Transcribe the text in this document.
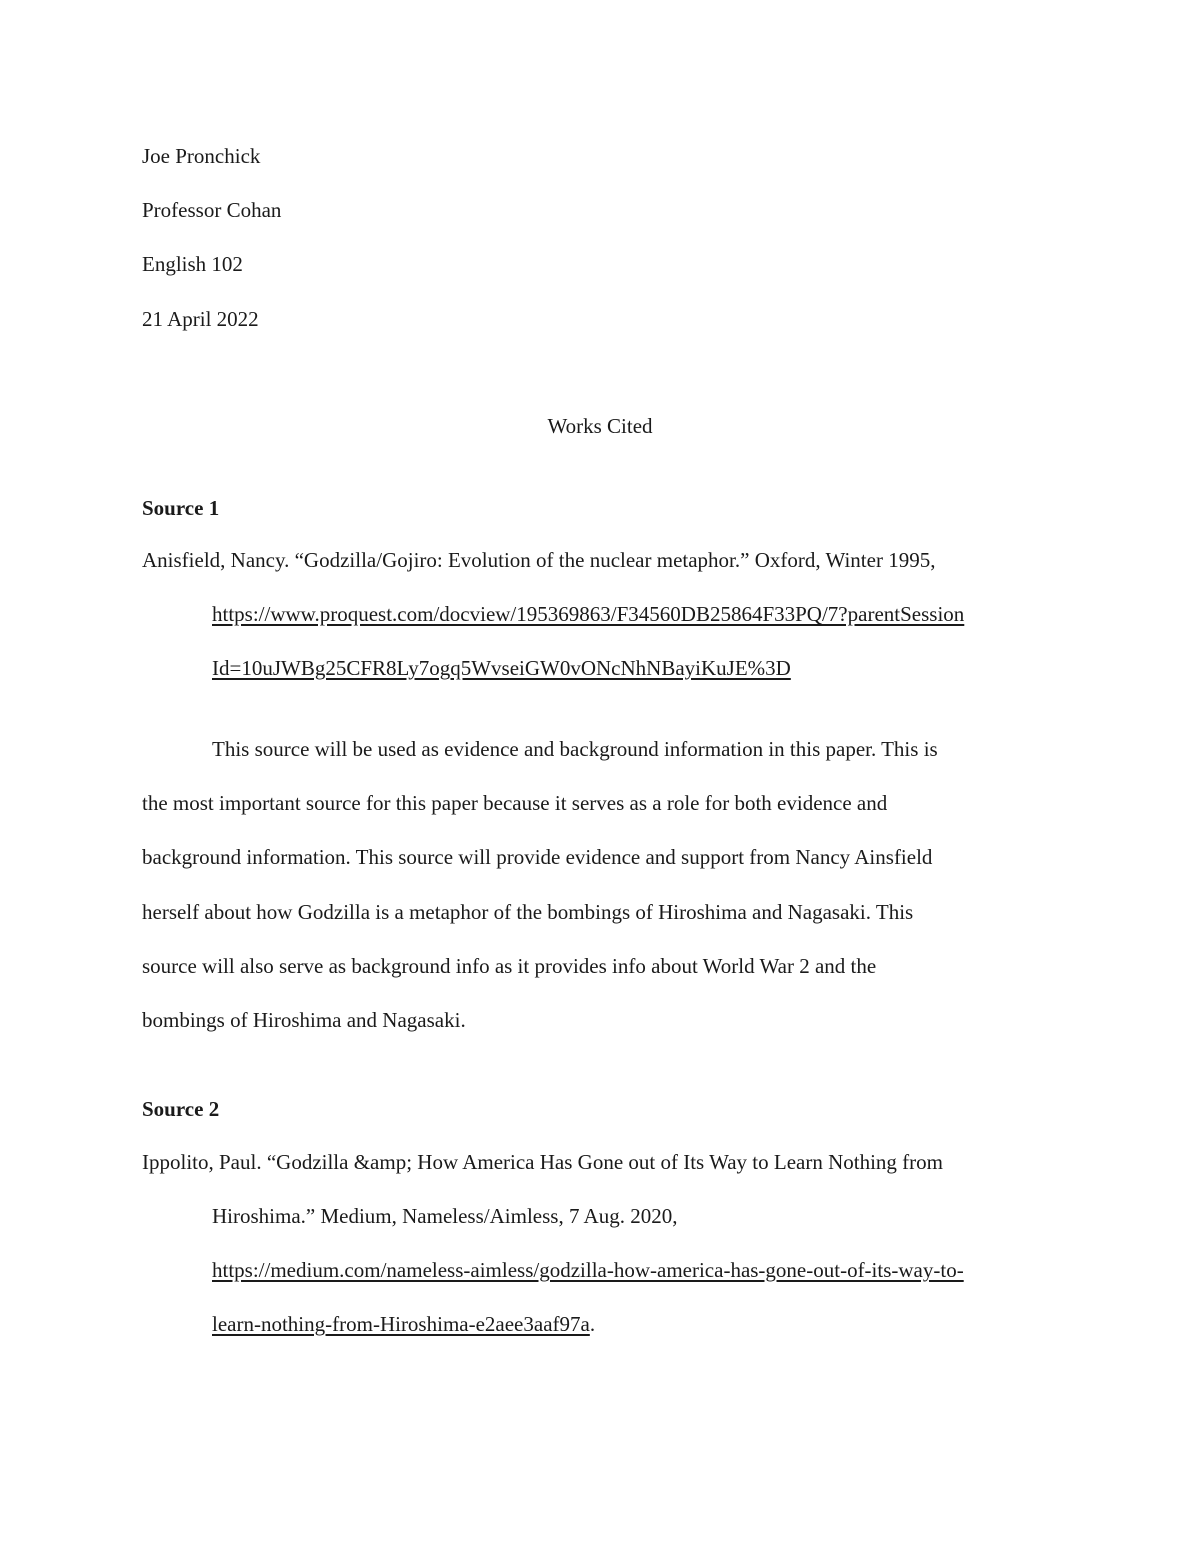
Joe Pronchick
Professor Cohan
English 102
21 April 2022
Works Cited
Source 1
Anisfield, Nancy. “Godzilla/Gojiro: Evolution of the nuclear metaphor.” Oxford, Winter 1995,
https://www.proquest.com/docview/195369863/F34560DB25864F33PQ/7?parentSession
Id=10uJWBg25CFR8Ly7ogq5WvseiGW0vONcNhNBayiKuJE%3D
This source will be used as evidence and background information in this paper. This is
the most important source for this paper because it serves as a role for both evidence and
background information. This source will provide evidence and support from Nancy Ainsfield
herself about how Godzilla is a metaphor of the bombings of Hiroshima and Nagasaki. This
source will also serve as background info as it provides info about World War 2 and the
bombings of Hiroshima and Nagasaki.
Source 2
Ippolito, Paul. “Godzilla &amp; How America Has Gone out of Its Way to Learn Nothing from
Hiroshima.” Medium, Nameless/Aimless, 7 Aug. 2020,
https://medium.com/nameless-aimless/godzilla-how-america-has-gone-out-of-its-way-to-
learn-nothing-from-Hiroshima-e2aee3aaf97a.
